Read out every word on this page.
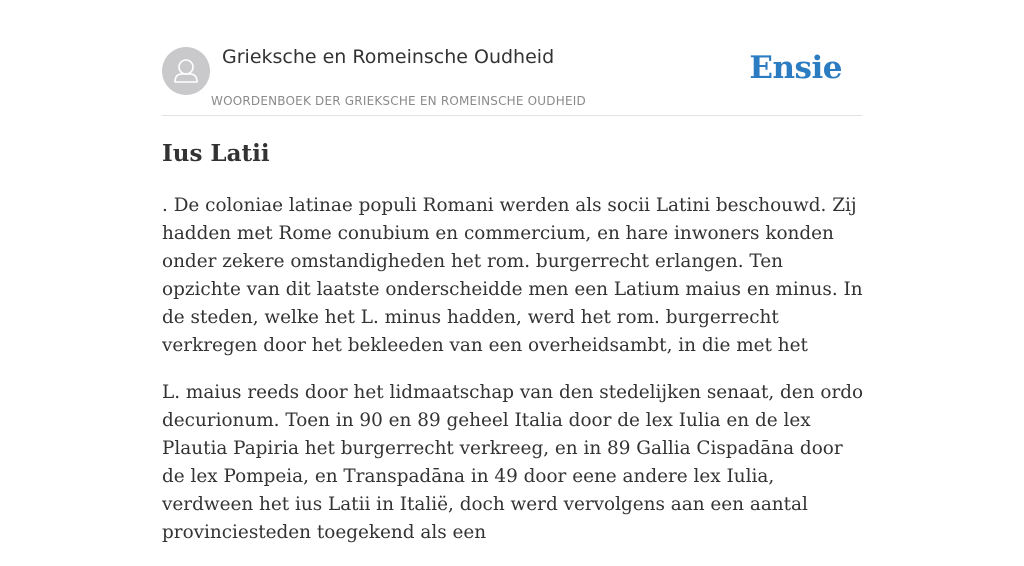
Grieksche en Romeinsche Oudheid
WOORDENBOEK DER GRIEKSCHE EN ROMEINSCHE OUDHEID
Ensie
Ius Latii

. De coloniae latinae populi Romani werden als socii Latini beschouwd. Zij hadden met Rome conubium en commercium, en hare inwoners konden onder zekere omstandigheden het rom. burgerrecht erlangen. Ten opzichte van dit laatste onderscheidde men een Latium maius en minus. In de steden, welke het L. minus hadden, werd het rom. burgerrecht verkregen door het bekleeden van een overheidsambt, in die met het

L. maius reeds door het lidmaatschap van den stedelijken senaat, den ordo decurionum. Toen in 90 en 89 geheel Italia door de lex Iulia en de lex Plautia Papiria het burgerrecht verkreeg, en in 89 Gallia Cispadāna door de lex Pompeia, en Transpadāna in 49 door eene andere lex Iulia, verdween het ius Latii in Italië, doch werd vervolgens aan een aantal provinciesteden toegekend als een
